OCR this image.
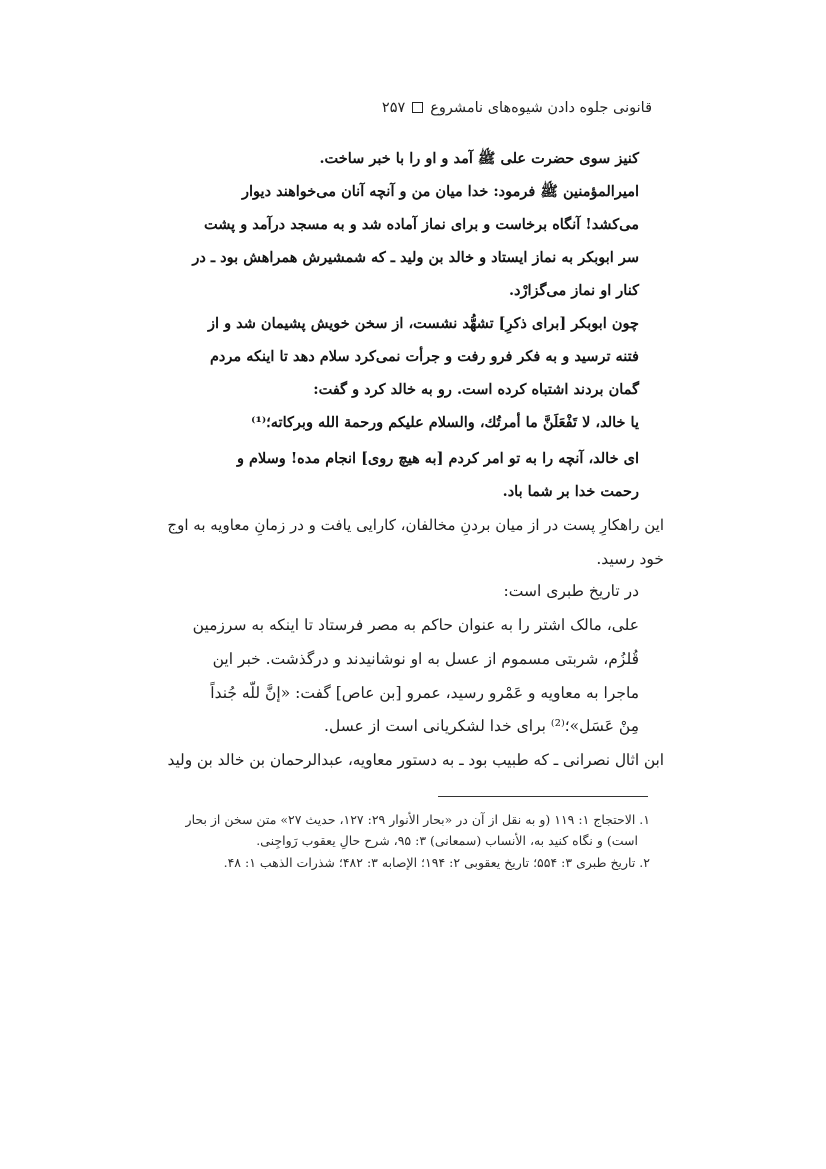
قانونی جلوه دادن شیوه‌های نامشروع۲۵۷
کنیز سوی حضرت علی ﷺ آمد و او را با خبر ساخت.
امیرالمؤمنین ﷺ فرمود: خدا میان من و آنچه آنان می‌خواهند دیوار
می‌کشد! آنگاه برخاست و برای نماز آماده شد و به مسجد درآمد و پشت
سر ابوبکر به نماز ایستاد و خالد بن ولید ـ که شمشیرش همراهش بود ـ در
کنار او نماز می‌گزارْد.
چون ابوبکر [برای ذکرِ] تشهُّد نشست، از سخن خویش پشیمان شد و از
فتنه ترسید و به فکر فرو رفت و جرأت نمی‌کرد سلام دهد تا اینکه مردم
گمان بردند اشتباه کرده است. رو به خالد کرد و گفت:
یا خالد، لا تَفْعَلَنَّ ما أمرتُك، والسلام علیکم ورحمة الله وبرکاته؛⁽¹⁾
ای خالد، آنچه را به تو امر کردم [به هیچ روی] انجام مده! وسلام و
رحمت خدا بر شما باد.
این راهکارِ پست در از میان بردنِ مخالفان، کارایی یافت و در زمانِ معاویه به اوج
خود رسید.
در تاریخ طبری است:
علی، مالک اشتر را به عنوان حاکم به مصر فرستاد تا اینکه به سرزمین
قُلزُم، شربتی مسموم از عسل به او نوشانیدند و درگذشت. خبر این
ماجرا به معاویه و عَمْرو رسید، عمرو [بن عاص] گفت: «إنَّ للّه جُنداً
مِنْ عَسَل»؛⁽²⁾ برای خدا لشکریانی است از عسل.
ابن اثال نصرانی ـ که طبیب بود ـ به دستور معاویه، عبدالرحمان بن خالد بن ولید
۱. الاحتجاج ۱: ۱۱۹ (و به نقل از آن در «بحار الأنوار ۲۹: ۱۲۷، حدیث ۲۷» متن سخن از بحار
است) و نگاه کنید به، الأنساب (سمعانی) ۳: ۹۵، شرح حالِ یعقوب رَواجِنی.
۲. تاریخ طبری ۳: ۵۵۴؛ تاریخ یعقوبی ۲: ۱۹۴؛ الإصابه ۳: ۴۸۲؛ شذرات الذهب ۱: ۴۸.
